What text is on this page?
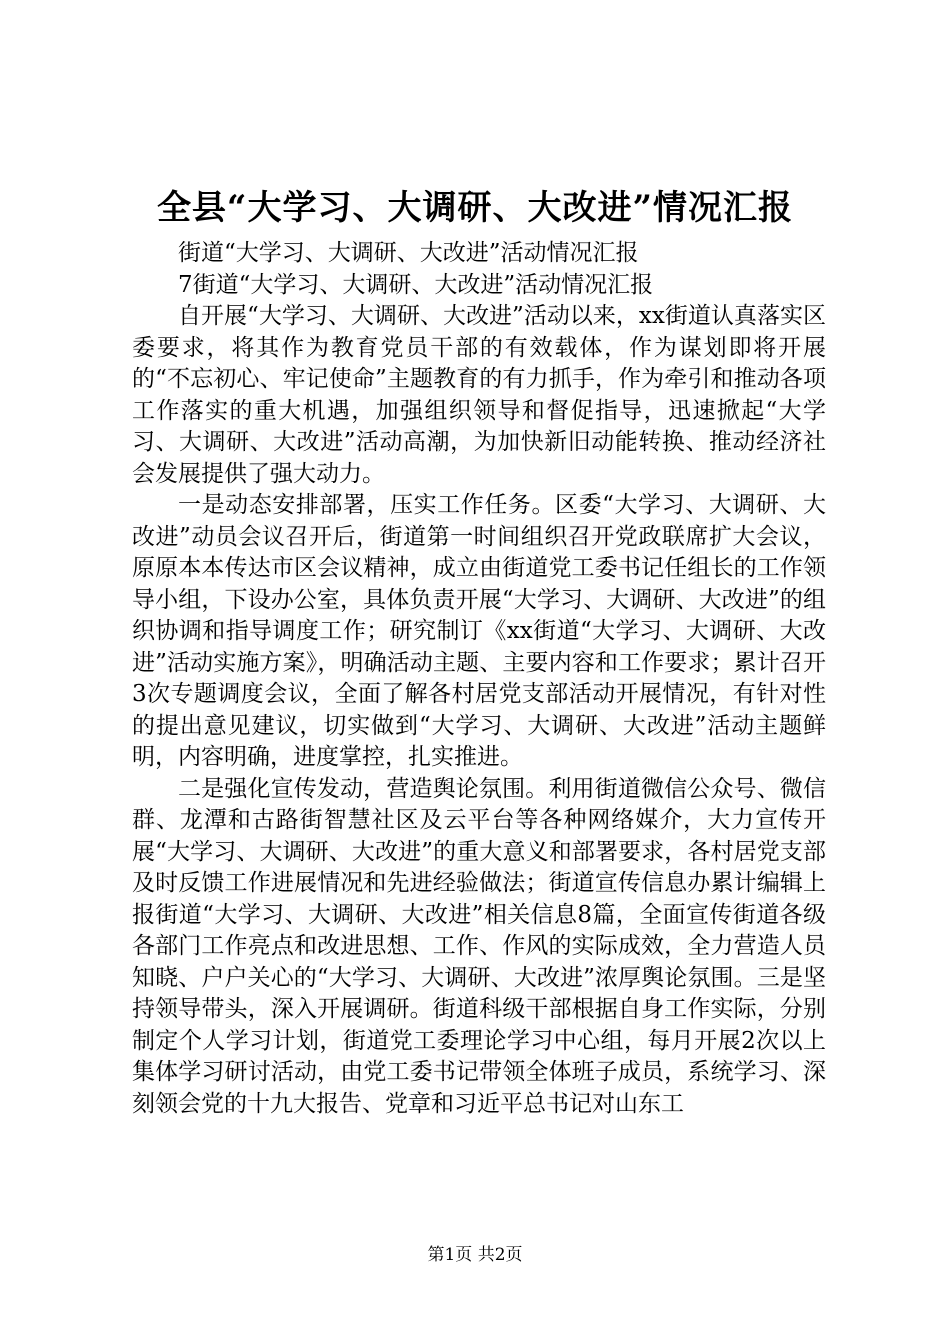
全县“大学习、大调研、大改进”情况汇报

街道“大学习、大调研、大改进”活动情况汇报

7街道“大学习、大调研、大改进”活动情况汇报

自开展“大学习、大调研、大改进”活动以来，xx街道认真落实区委要求，将其作为教育党员干部的有效载体，作为谋划即将开展的“不忘初心、牢记使命”主题教育的有力抓手，作为牵引和推动各项工作落实的重大机遇，加强组织领导和督促指导，迅速掀起“大学习、大调研、大改进”活动高潮，为加快新旧动能转换、推动经济社会发展提供了强大动力。

一是动态安排部署，压实工作任务。区委“大学习、大调研、大改进”动员会议召开后，街道第一时间组织召开党政联席扩大会议，原原本本传达市区会议精神，成立由街道党工委书记任组长的工作领导小组，下设办公室，具体负责开展“大学习、大调研、大改进”的组织协调和指导调度工作；研究制订《xx街道“大学习、大调研、大改进”活动实施方案》，明确活动主题、主要内容和工作要求；累计召开3次专题调度会议，全面了解各村居党支部活动开展情况，有针对性的提出意见建议，切实做到“大学习、大调研、大改进”活动主题鲜明，内容明确，进度掌控，扎实推进。

二是强化宣传发动，营造舆论氛围。利用街道微信公众号、微信群、龙潭和古路街智慧社区及云平台等各种网络媒介，大力宣传开展“大学习、大调研、大改进”的重大意义和部署要求，各村居党支部及时反馈工作进展情况和先进经验做法；街道宣传信息办累计编辑上报街道“大学习、大调研、大改进”相关信息8篇，全面宣传街道各级各部门工作亮点和改进思想、工作、作风的实际成效，全力营造人员知晓、户户关心的“大学习、大调研、大改进”浓厚舆论氛围。三是坚持领导带头，深入开展调研。街道科级干部根据自身工作实际，分别制定个人学习计划，街道党工委理论学习中心组，每月开展2次以上集体学习研讨活动，由党工委书记带领全体班子成员，系统学习、深刻领会党的十九大报告、党章和习近平总书记对山东工

第1页 共2页
